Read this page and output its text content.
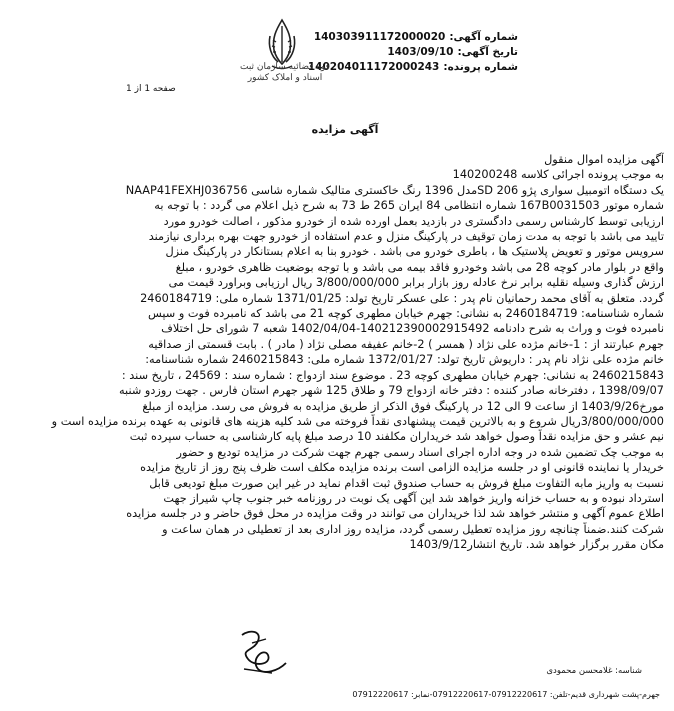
شماره آگهی:
140303911172000020
تاریخ آگهی:
1403/09/10
شماره پرونده:
140204011172000243
قوه قضائیه سازمان ثبت اسناد و املاک کشور
صفحه 1 از 1
آگهی مزایده
آگهی مزایده اموال منقول
به موجب پرونده اجرائی کلاسه 140200248
یک دستگاه اتومبیل سواری پژو 206 SDمدل 1396 رنگ خاکستری متالیک شماره شاسی NAAP41FEXHJ036756
شماره موتور 167B0031503 شماره انتظامی 84 ایران 265 ط 73 به شرح ذیل اعلام می گردد : با توجه به
ارزیابی توسط کارشناس رسمی دادگستری در بازدید بعمل اورده شده از خودرو مذکور ، اصالت خودرو مورد
تایید می باشد با توجه به مدت زمان توقیف در پارکینگ منزل و عدم استفاده از خودرو جهت بهره برداری نیازمند
سرویس موتور و تعویض پلاستیک ها ، باطری خودرو می باشد . خودرو بنا به اعلام بستانکار در پارکینگ منزل
واقع در بلوار مادر کوچه 28 می باشد وخودرو فاقد بیمه می باشد و با توجه بوضعیت ظاهری خودرو ، مبلغ
ارزش گذاری وسیله نقلیه برابر نرخ عادله روز بازار برابر 3/800/000/000 ریال ارزیابی وبراورد قیمت می
گردد. متعلق به آقای محمد رحمانیان نام پدر : علی عسکر تاریخ تولد: 1371/01/25 شماره ملی: 2460184719
شماره شناسنامه: 2460184719 به نشانی: جهرم خیابان مطهری کوچه 21 می باشد که نامبرده فوت و سپس
نامبرده فوت و وراث به شرح دادنامه 140212390002915492-1402/04/04 شعبه 7 شورای حل اختلاف
جهرم عبارتند از : 1-خانم مژده علی نژاد ( همسر ) 2-خانم عفیفه مصلی نژاد ( مادر ) . بابت قسمتی از صداقیه
خانم مژده علی نژاد نام پدر : داریوش تاریخ تولد: 1372/01/27 شماره ملی: 2460215843 شماره شناسنامه:
2460215843 به نشانی: جهرم خیابان مطهری کوچه 23 . موضوع سند ازدواج : شماره سند : 24569 ، تاریخ سند :
1398/09/07 ، دفترخانه صادر کننده : دفتر خانه ازدواج 79 و طلاق 125 شهر جهرم استان فارس . جهت روزدو شنبه
مورخ1403/9/26 از ساعت 9 الی 12 در پارکینگ فوق الذکر از طریق مزایده به فروش می رسد. مزایده از مبلغ
3/800/000/000ریال شروع و به بالاترین قیمت پیشنهادی نقداً فروخته می شد کلیه هزینه های قانونی به عهده برنده مزایده است و
نیم عشر و حق مزایده نقداً وصول خواهد شد خریداران مکلفند 10 درصد مبلغ پایه کارشناسی به حساب سپرده ثبت
به موجب چک تضمین شده در وجه اداره اجرای اسناد رسمی جهرم جهت شرکت در مزایده تودیع و حضور
خریدار یا نماینده قانونی او در جلسه مزایده الزامی است برنده مزایده مکلف است ظرف پنج روز از تاریخ مزایده
نسبت به واریز مابه التفاوت مبلغ فروش به حساب صندوق ثبت اقدام نماید در غیر این صورت مبلغ تودیعی قابل
استرداد نبوده و به حساب خزانه واریز خواهد شد این آگهی یک نوبت در روزنامه خبر جنوب چاپ شیراز جهت
اطلاع عموم آگهی و منتشر خواهد شد لذا خریداران می توانند در وقت مزایده در محل فوق حاضر و در جلسه مزایده
شرکت کنند.ضمناً چنانچه روز مزایده تعطیل رسمی گردد، مزایده روز اداری بعد از تعطیلی در همان ساعت و
مکان مقرر برگزار خواهد شد. تاریخ انتشار1403/9/12
شناسه: غلامحسن محمودی
جهرم-پشت شهرداری قدیم-تلفن: 07912220617-07912220617-نمابر: 07912220617
